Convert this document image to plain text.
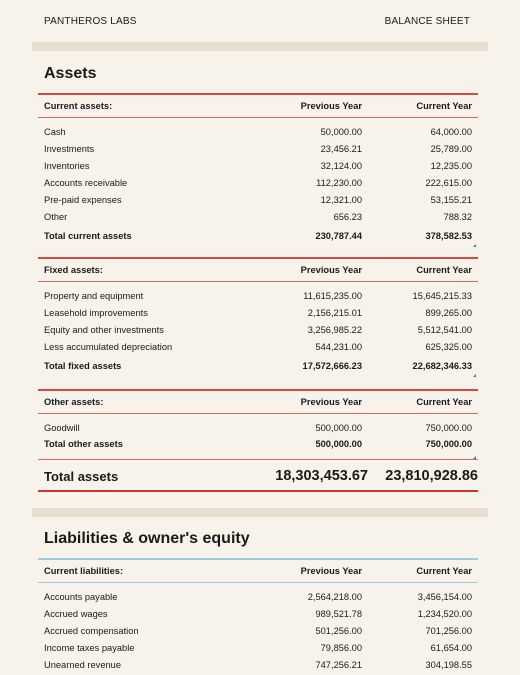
PANTHEROS LABS	BALANCE SHEET
Assets
Current assets:	Previous Year	Current Year
Cash	50,000.00	64,000.00
Investments	23,456.21	25,789.00
Inventories	32,124.00	12,235.00
Accounts receivable	112,230.00	222,615.00
Pre-paid expenses	12,321.00	53,155.21
Other	656.23	788.32
Total current assets	230,787.44	378,582.53
Fixed assets:	Previous Year	Current Year
Property and equipment	11,615,235.00	15,645,215.33
Leasehold improvements	2,156,215.01	899,265.00
Equity and other investments	3,256,985.22	5,512,541.00
Less accumulated depreciation	544,231.00	625,325.00
Total fixed assets	17,572,666.23	22,682,346.33
Other assets:	Previous Year	Current Year
Goodwill	500,000.00	750,000.00
Total other assets	500,000.00	750,000.00
Total assets	18,303,453.67 23,810,928.86
Liabilities & owner's equity
Current liabilities:	Previous Year	Current Year
Accounts payable	2,564,218.00	3,456,154.00
Accrued wages	989,521.78	1,234,520.00
Accrued compensation	501,256.00	701,256.00
Income taxes payable	79,856.00	61,654.00
Unearned revenue	747,256.21	304,198.55
